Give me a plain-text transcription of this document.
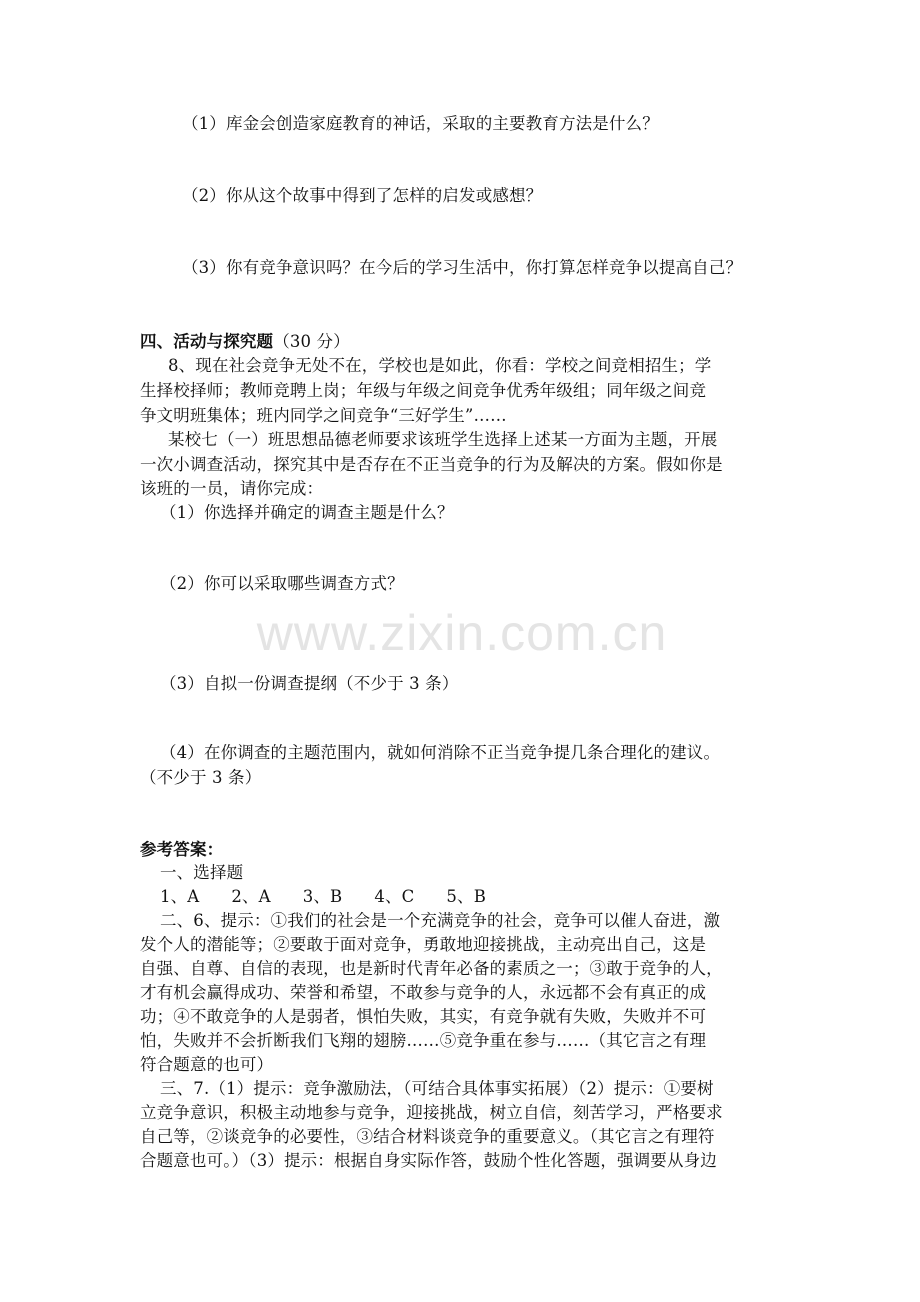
（1）库金会创造家庭教育的神话，采取的主要教育方法是什么？
（2）你从这个故事中得到了怎样的启发或感想？
（3）你有竞争意识吗？在今后的学习生活中，你打算怎样竞争以提高自己？
四、活动与探究题（30 分）
8、现在社会竞争无处不在，学校也是如此，你看：学校之间竞相招生；学
生择校择师；教师竞聘上岗；年级与年级之间竞争优秀年级组；同年级之间竞
争文明班集体；班内同学之间竞争“三好学生”……
某校七（一）班思想品德老师要求该班学生选择上述某一方面为主题，开展
一次小调查活动，探究其中是否存在不正当竞争的行为及解决的方案。假如你是
该班的一员，请你完成：
（1）你选择并确定的调查主题是什么？
（2）你可以采取哪些调查方式？
（3）自拟一份调查提纲（不少于 3 条）
（4）在你调查的主题范围内，就如何消除不正当竞争提几条合理化的建议。
（不少于 3 条）
www.zixin.com.cn
参考答案：
一、选择题
1、A 2、A 3、B 4、C 5、B
二、6、提示：①我们的社会是一个充满竞争的社会，竞争可以催人奋进，激
发个人的潜能等；②要敢于面对竞争，勇敢地迎接挑战，主动亮出自己，这是
自强、自尊、自信的表现，也是新时代青年必备的素质之一；③敢于竞争的人，
才有机会赢得成功、荣誉和希望，不敢参与竞争的人，永远都不会有真正的成
功；④不敢竞争的人是弱者，惧怕失败，其实，有竞争就有失败，失败并不可
怕，失败并不会折断我们飞翔的翅膀……⑤竞争重在参与……（其它言之有理
符合题意的也可）
三、7.（1）提示：竞争激励法，（可结合具体事实拓展）（2）提示：①要树
立竞争意识，积极主动地参与竞争，迎接挑战，树立自信，刻苦学习，严格要求
自己等，②谈竞争的必要性，③结合材料谈竞争的重要意义。（其它言之有理符
合题意也可。）（3）提示：根据自身实际作答，鼓励个性化答题，强调要从身边
